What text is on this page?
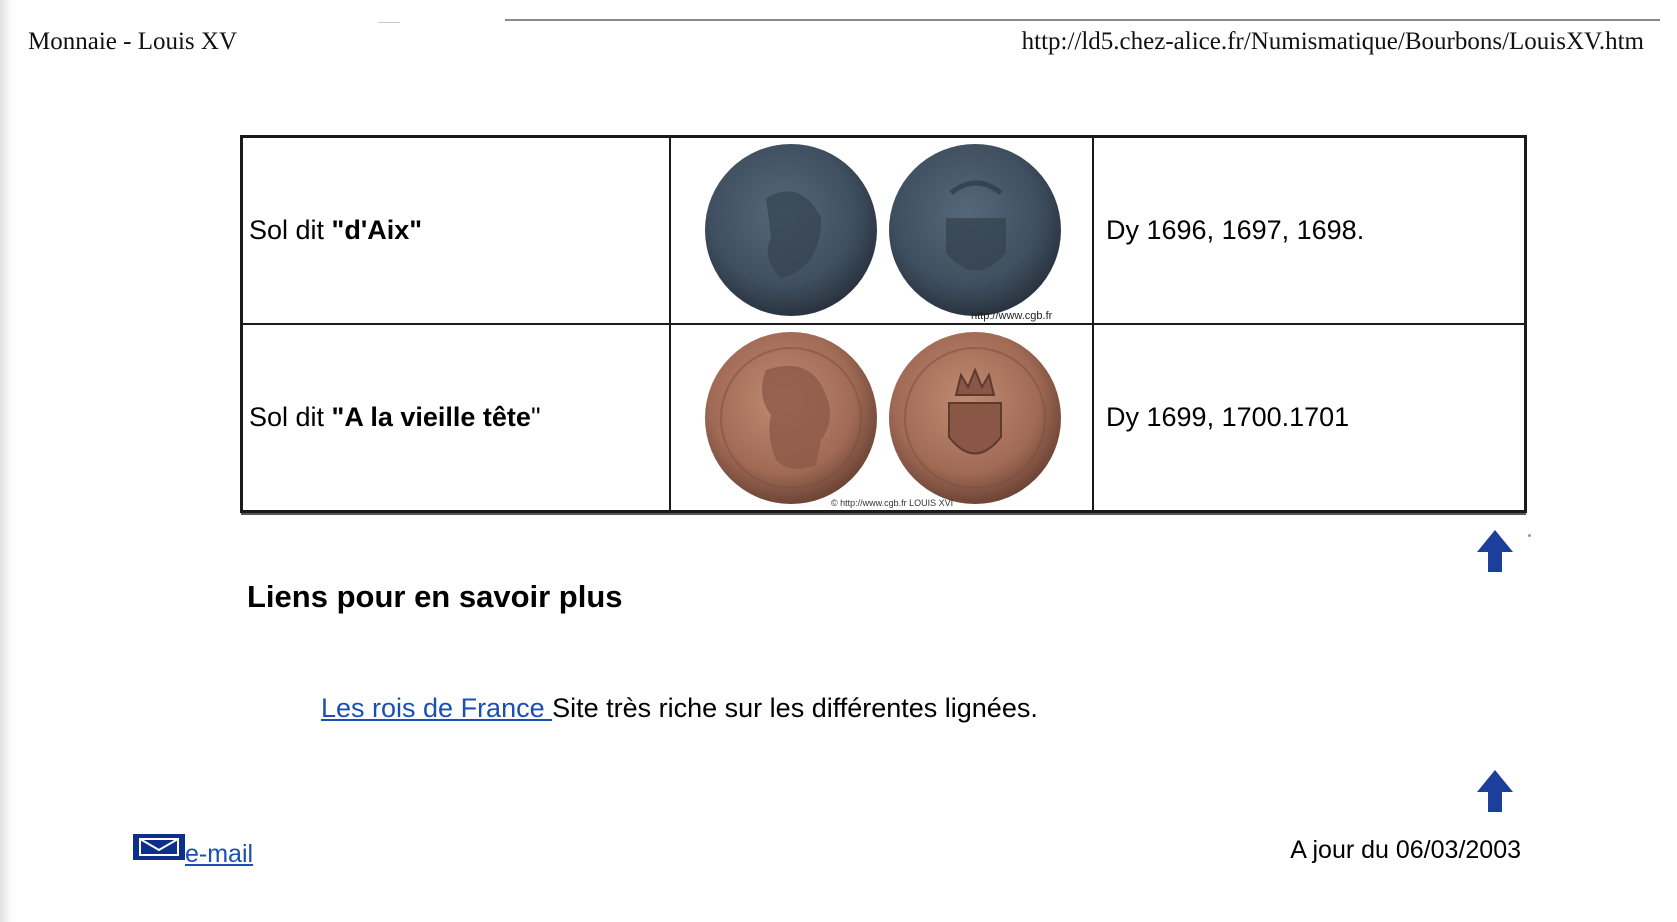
Monnaie - Louis XV	http://ld5.chez-alice.fr/Numismatique/Bourbons/LouisXV.htm
Sol dit "d'Aix"	http://www.cgb.fr	Dy 1696, 1697, 1698.
Sol dit "A la vieille tête"	© http://www.cgb.fr LOUIS XVI	Dy 1699, 1700.1701
Liens pour en savoir plus
Les rois de France Site très riche sur les différentes lignées.
e-mail	A jour du 06/03/2003
